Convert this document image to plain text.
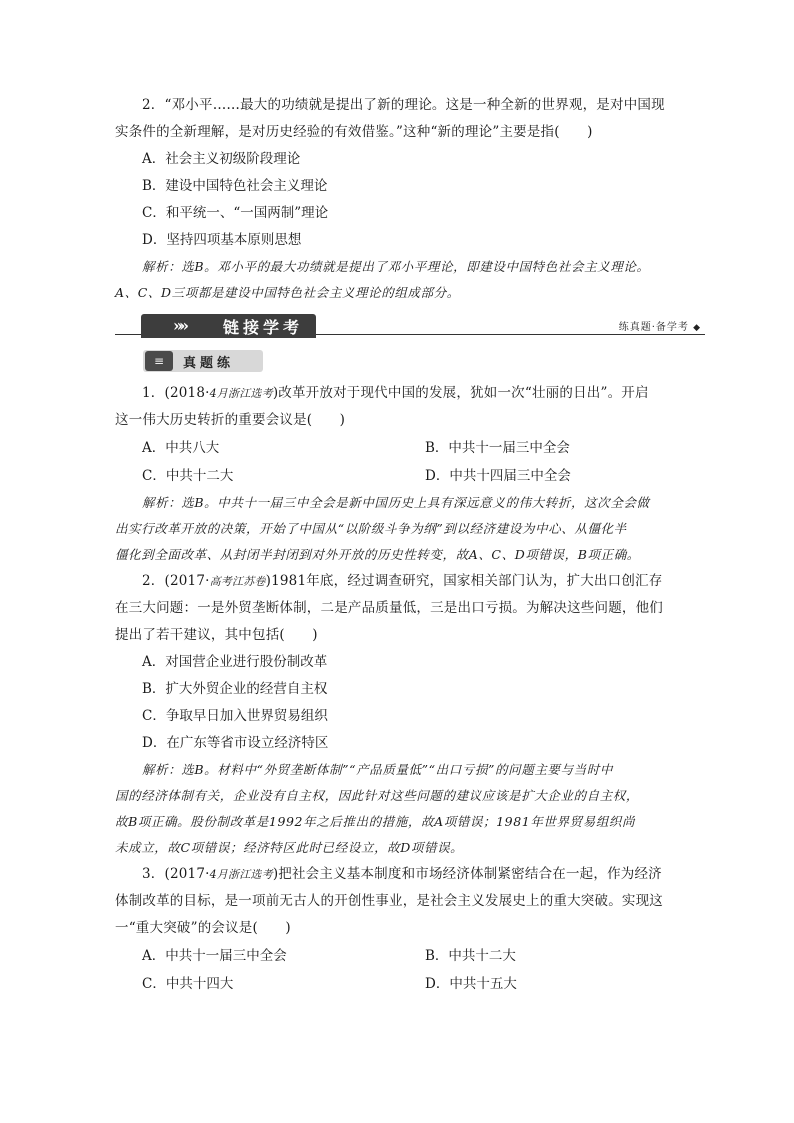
2．“邓小平……最大的功绩就是提出了新的理论。这是一种全新的世界观，是对中国现

实条件的全新理解，是对历史经验的有效借鉴。”这种“新的理论”主要是指(　　)

A．社会主义初级阶段理论

B．建设中国特色社会主义理论

C．和平统一、“一国两制”理论

D．坚持四项基本原则思想

解析：选B。邓小平的最大功绩就是提出了邓小平理论，即建设中国特色社会主义理论。

A、C、D三项都是建设中国特色社会主义理论的组成部分。

»» 链接学考	练真题·备学考 ◆
≡	真题练

1．(2018·4月浙江选考)改革开放对于现代中国的发展，犹如一次“壮丽的日出”。开启

这一伟大历史转折的重要会议是(　　)

A．中共八大	B．中共十一届三中全会
C．中共十二大	D．中共十四届三中全会

解析：选B。中共十一届三中全会是新中国历史上具有深远意义的伟大转折，这次全会做

出实行改革开放的决策，开始了中国从“以阶级斗争为纲”到以经济建设为中心、从僵化半

僵化到全面改革、从封闭半封闭到对外开放的历史性转变，故A、C、D项错误，B项正确。

2．(2017·高考江苏卷)1981年底，经过调查研究，国家相关部门认为，扩大出口创汇存

在三大问题：一是外贸垄断体制，二是产品质量低，三是出口亏损。为解决这些问题，他们

提出了若干建议，其中包括(　　)

A．对国营企业进行股份制改革

B．扩大外贸企业的经营自主权

C．争取早日加入世界贸易组织

D．在广东等省市设立经济特区

解析：选B。材料中“外贸垄断体制”“产品质量低”“出口亏损”的问题主要与当时中

国的经济体制有关，企业没有自主权，因此针对这些问题的建议应该是扩大企业的自主权，

故B项正确。股份制改革是1992年之后推出的措施，故A项错误；1981年世界贸易组织尚

未成立，故C项错误；经济特区此时已经设立，故D项错误。

3．(2017·4月浙江选考)把社会主义基本制度和市场经济体制紧密结合在一起，作为经济

体制改革的目标，是一项前无古人的开创性事业，是社会主义发展史上的重大突破。实现这

一“重大突破”的会议是(　　)

A．中共十一届三中全会	B．中共十二大
C．中共十四大	D．中共十五大
